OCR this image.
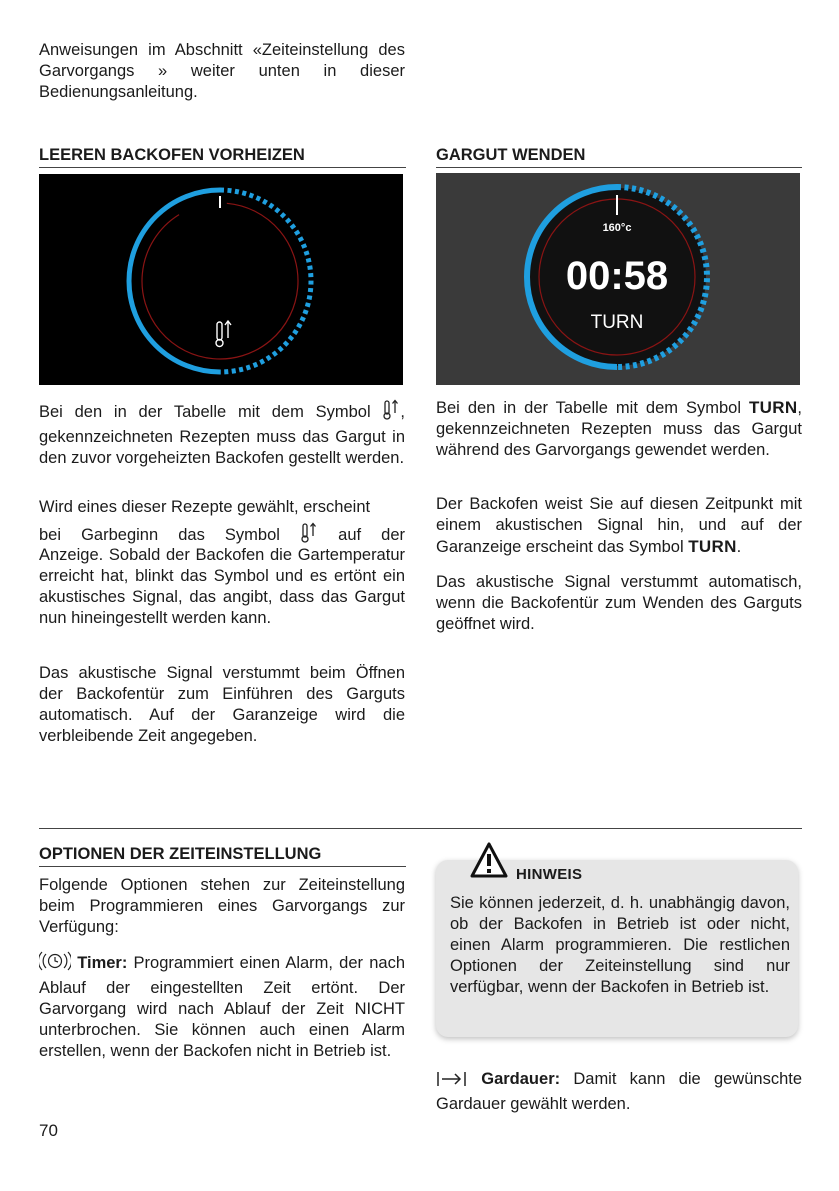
Anweisungen im Abschnitt «Zeiteinstellung des Garvorgangs » weiter unten in dieser Bedienungsanleitung.

LEEREN BACKOFEN VORHEIZEN

Bei den in der Tabelle mit dem Symbol , gekennzeichneten Rezepten muss das Gargut in den zuvor vorgeheizten Backofen gestellt werden.

Wird eines dieser Rezepte gewählt, erscheint

bei Garbeginn das Symbol	auf der

Anzeige. Sobald der Backofen die Gartemperatur erreicht hat, blinkt das Symbol und es ertönt ein akustisches Signal, das angibt, dass das Gargut nun hineingestellt werden kann.

Das akustische Signal verstummt beim Öffnen der Backofentür zum Einführen des Garguts automatisch. Auf der Garanzeige wird die verbleibende Zeit angegeben.

GARGUT WENDEN
160°c
00:58
TURN

Bei den in der Tabelle mit dem Symbol TURN, gekennzeichneten Rezepten muss das Gargut während des Garvorgangs gewendet werden.

Der Backofen weist Sie auf diesen Zeitpunkt mit einem akustischen Signal hin, und auf der Garanzeige erscheint das Symbol TURN.

Das akustische Signal verstummt automatisch, wenn die Backofentür zum Wenden des Garguts geöffnet wird.

OPTIONEN DER ZEITEINSTELLUNG

Folgende Optionen stehen zur Zeiteinstellung beim Programmieren eines Garvorgangs zur Verfügung:

Timer: Programmiert einen Alarm, der nach Ablauf der eingestellten Zeit ertönt. Der Garvorgang wird nach Ablauf der Zeit NICHT unterbrochen. Sie können auch einen Alarm erstellen, wenn der Backofen nicht in Betrieb ist.

HINWEIS

Sie können jederzeit, d. h. unabhängig davon, ob der Backofen in Betrieb ist oder nicht, einen Alarm programmieren. Die restlichen Optionen der Zeiteinstellung sind nur verfügbar, wenn der Backofen in Betrieb ist.

Gardauer: Damit kann die gewünschte Gardauer gewählt werden.

70
